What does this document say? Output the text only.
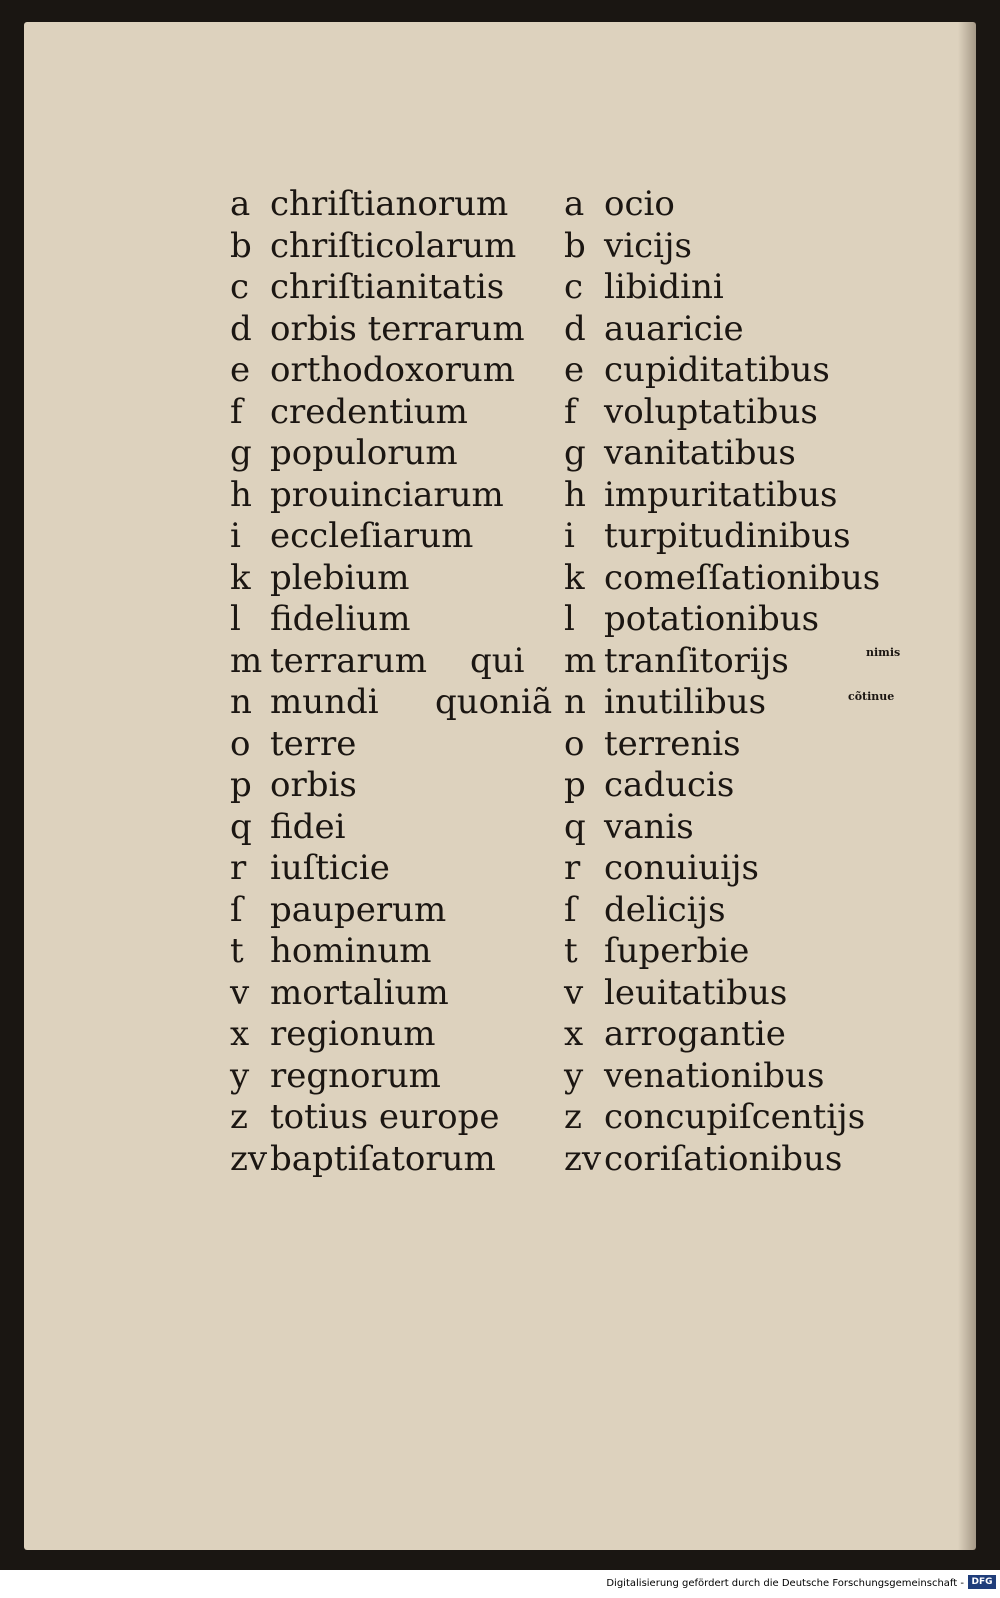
a chriſtianorum
b chriſticolarum
c chriſtianitatis
d orbis terrarum
e orthodoxorum
f credentium
g populorum
h prouinciarum
i eccleſiarum
k plebium
l fidelium
m terrarum qui
n mundi quoniã
o terre
p orbis
q fidei
r iuſticie
ſ pauperum
t hominum
v mortalium
x regionum
y regnorum
z totius europe
zvbaptiſatorum
a ocio
b vicijs
c libidini
d auaricie
e cupiditatibus
f voluptatibus
g vanitatibus
h impuritatibus
i turpitudinibus
k comeſſationibus
l potationibus
m tranſitorijs
n inutilibus
o terrenis
p caducis
q vanis
r conuiuijs
ſ delicijs
t ſuperbie
v leuitatibus
x arrogantie
y venationibus
z concupiſcentijs
zvcoriſationibus
nimis
cõtinue
Digitalisierung gefördert durch die Deutsche Forschungsgemeinschaft - DFG
